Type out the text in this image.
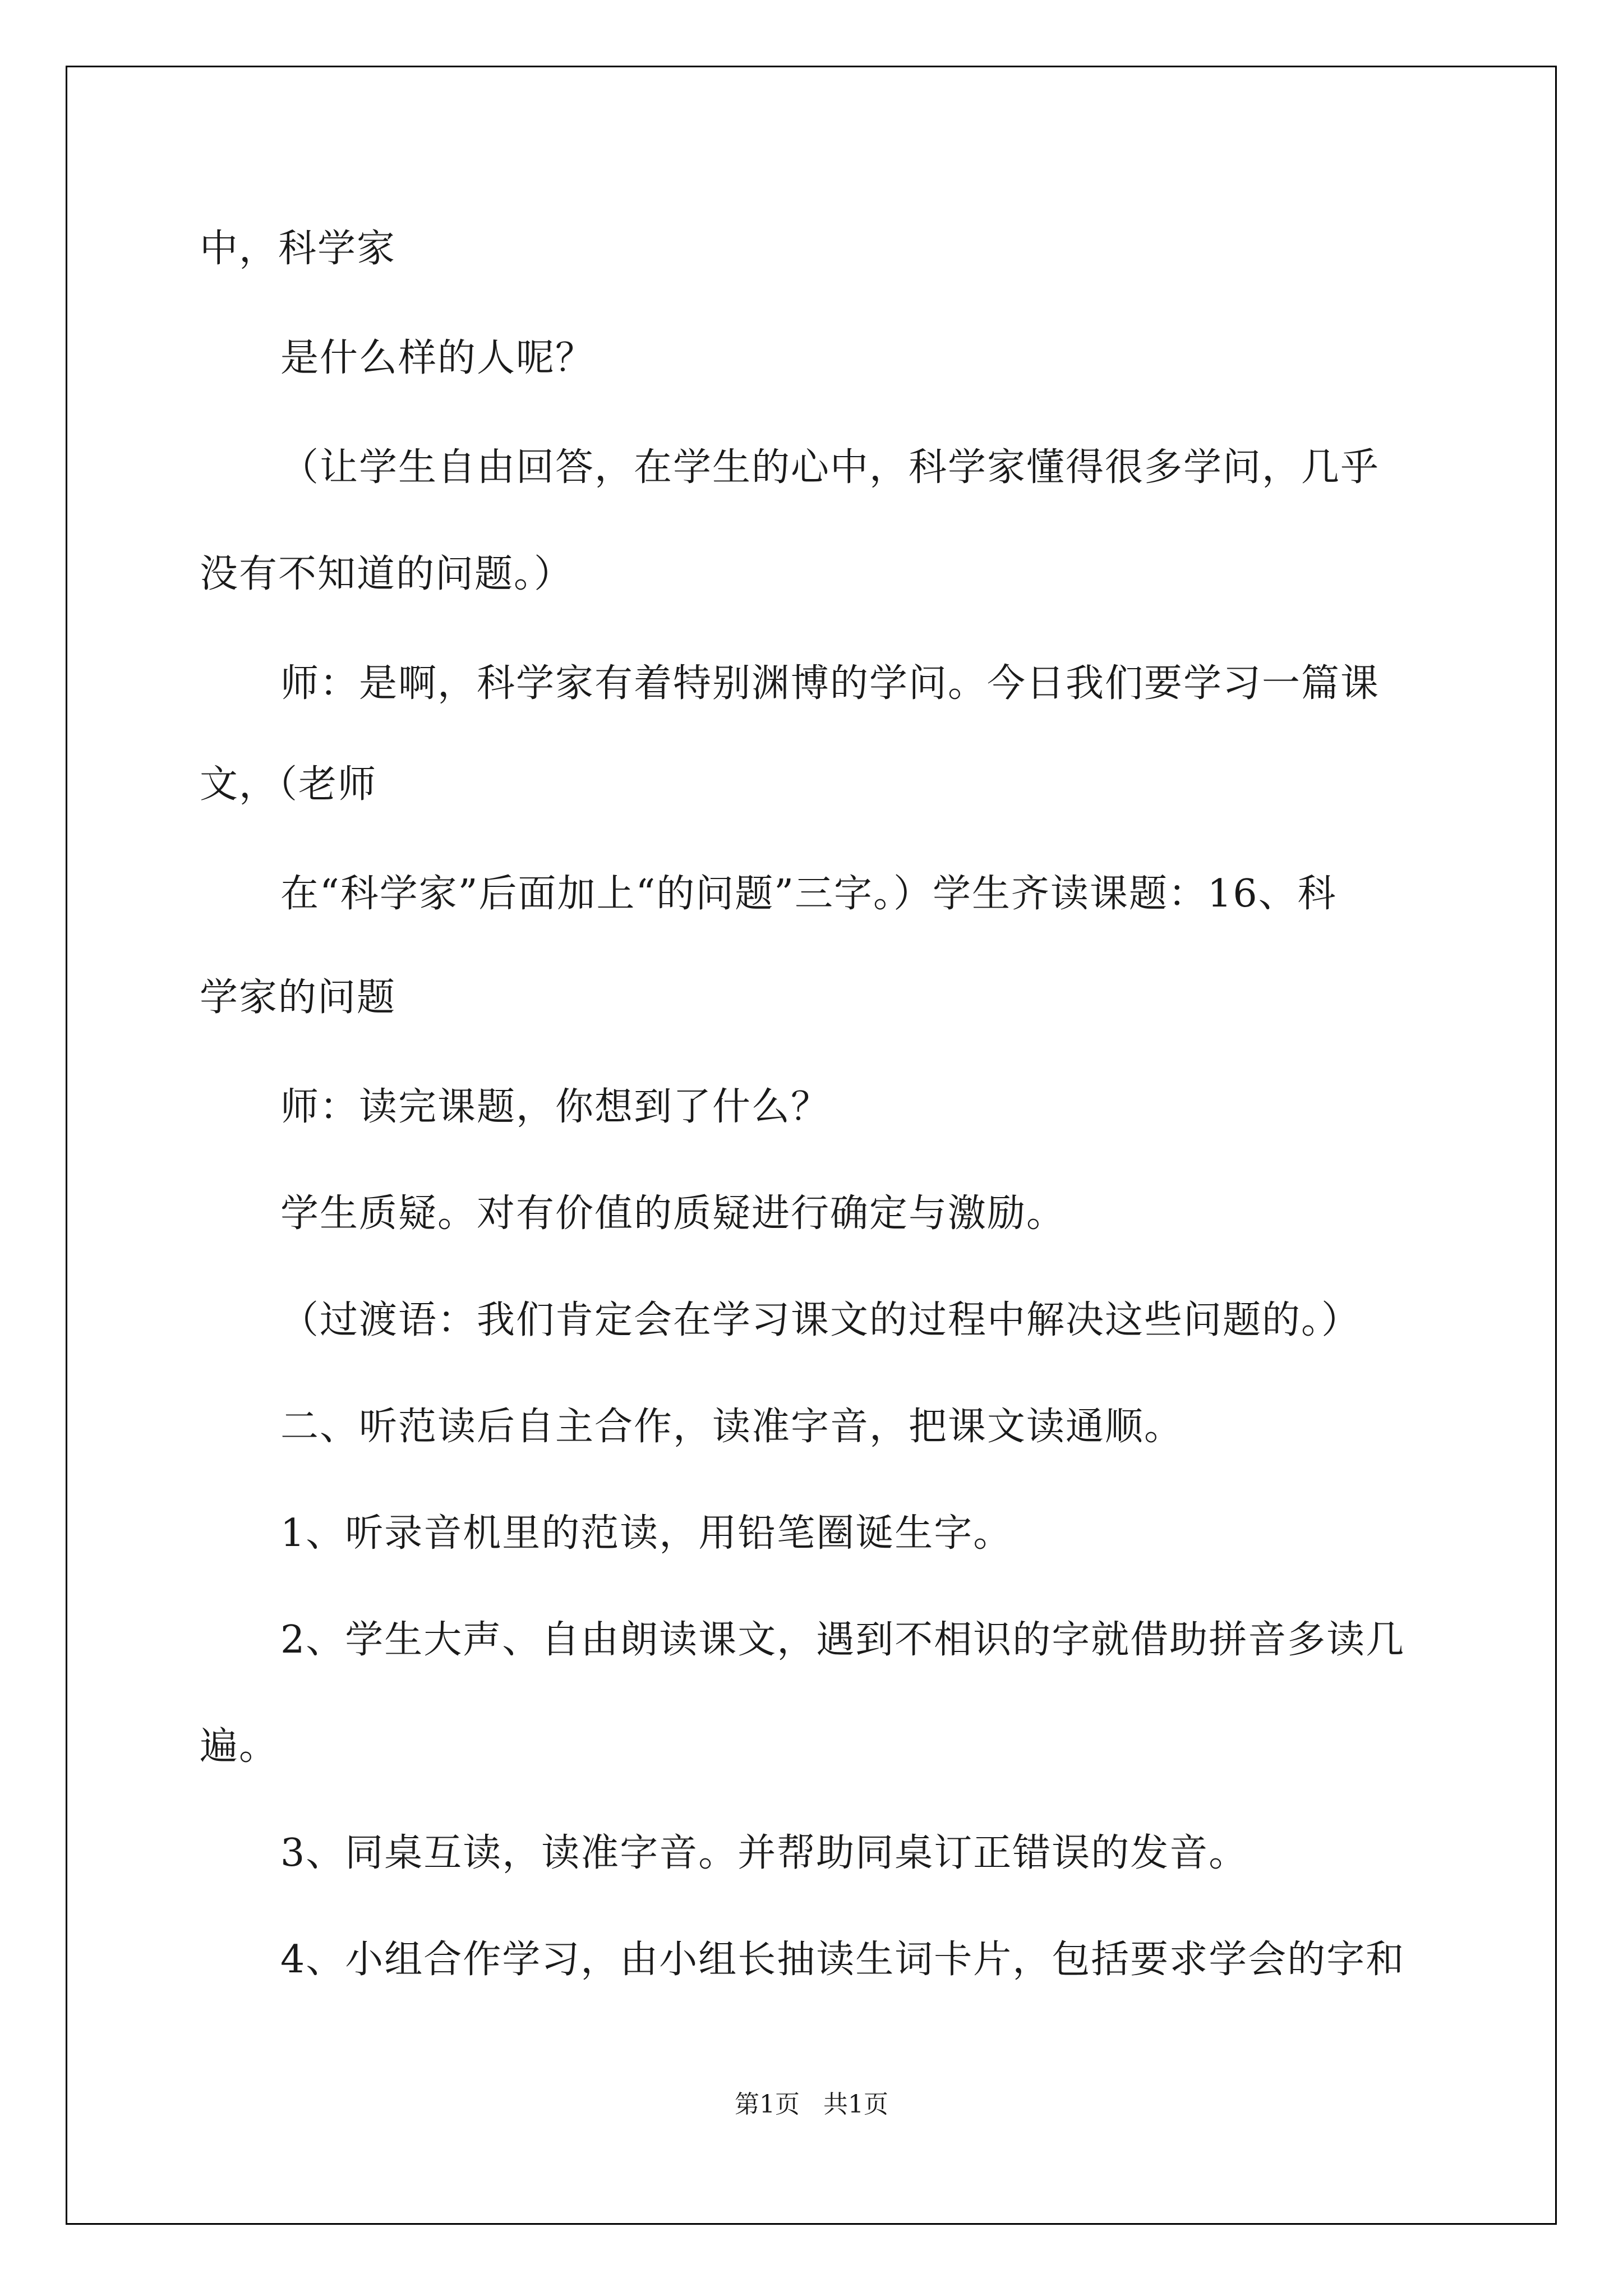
中，科学家
是什么样的人呢？
（让学生自由回答，在学生的心中，科学家懂得很多学问，几乎
没有不知道的问题。）
师：是啊，科学家有着特别渊博的学问。今日我们要学习一篇课
文，（老师
在“科学家”后面加上“的问题”三字。）学生齐读课题：16、科
学家的问题
师：读完课题，你想到了什么？
学生质疑。对有价值的质疑进行确定与激励。
（过渡语：我们肯定会在学习课文的过程中解决这些问题的。）
二、听范读后自主合作，读准字音，把课文读通顺。
1、听录音机里的范读，用铅笔圈诞生字。
2、学生大声、自由朗读课文，遇到不相识的字就借助拼音多读几
遍。
3、同桌互读，读准字音。并帮助同桌订正错误的发音。
4、小组合作学习，由小组长抽读生词卡片，包括要求学会的字和
第1页   共1页
